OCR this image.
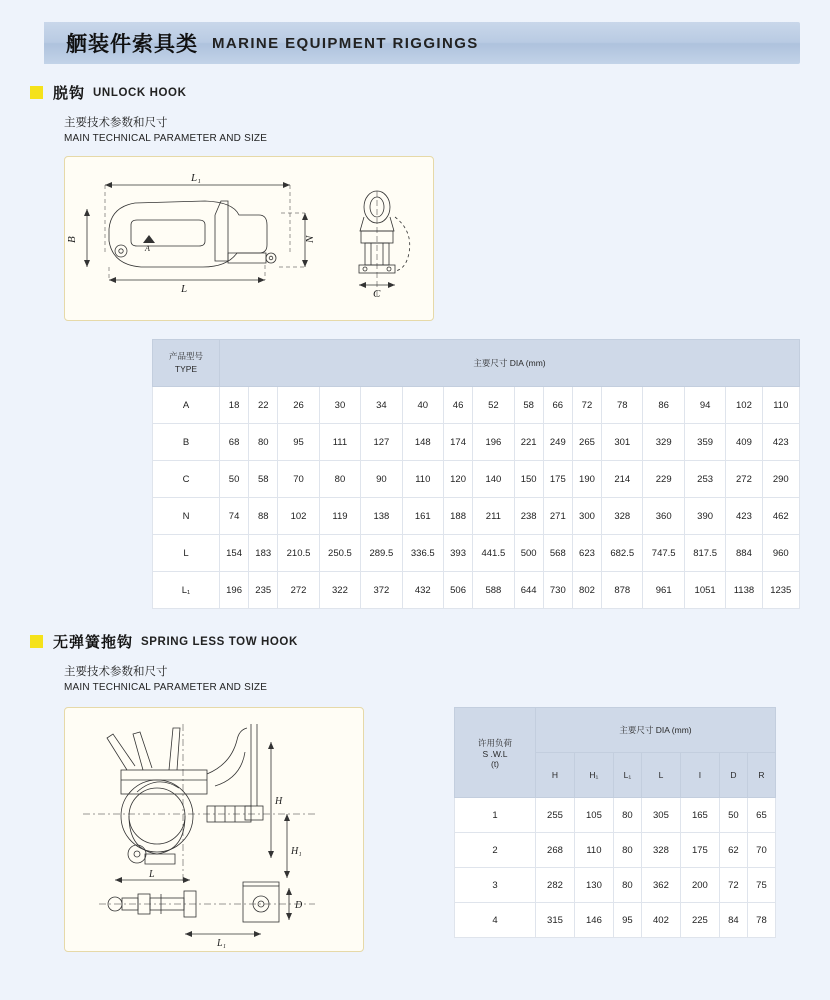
舾装件索具类 MARINE EQUIPMENT RIGGINGS
脱钩 UNLOCK HOOK
主要技术参数和尺寸
MAIN TECHNICAL PARAMETER AND SIZE
L₁
L
B	N
A
C
产品型号
TYPE	主要尺寸 DIA (mm)															
A	18	22	26	30	34	40	46	52	58	66	72	78	86	94	102	110
B	68	80	95	111	127	148	174	196	221	249	265	301	329	359	409	423
C	50	58	70	80	90	110	120	140	150	175	190	214	229	253	272	290
N	74	88	102	119	138	161	188	211	238	271	300	328	360	390	423	462
L	154	183	210.5	250.5	289.5	336.5	393	441.5	500	568	623	682.5	747.5	817.5	884	960
L₁	196	235	272	322	372	432	506	588	644	730	802	878	961	1051	1138	1235
无弹簧拖钩 SPRING LESS TOW HOOK
主要技术参数和尺寸
MAIN TECHNICAL PARAMETER AND SIZE
H
H₁
L
L₁
D
许用负荷
S .W.L
(t)	主要尺寸 DIA (mm)						
	H	H₁	L₁	L	I	D	R
1	255	105	80	305	165	50	65
2	268	110	80	328	175	62	70
3	282	130	80	362	200	72	75
4	315	146	95	402	225	84	78
